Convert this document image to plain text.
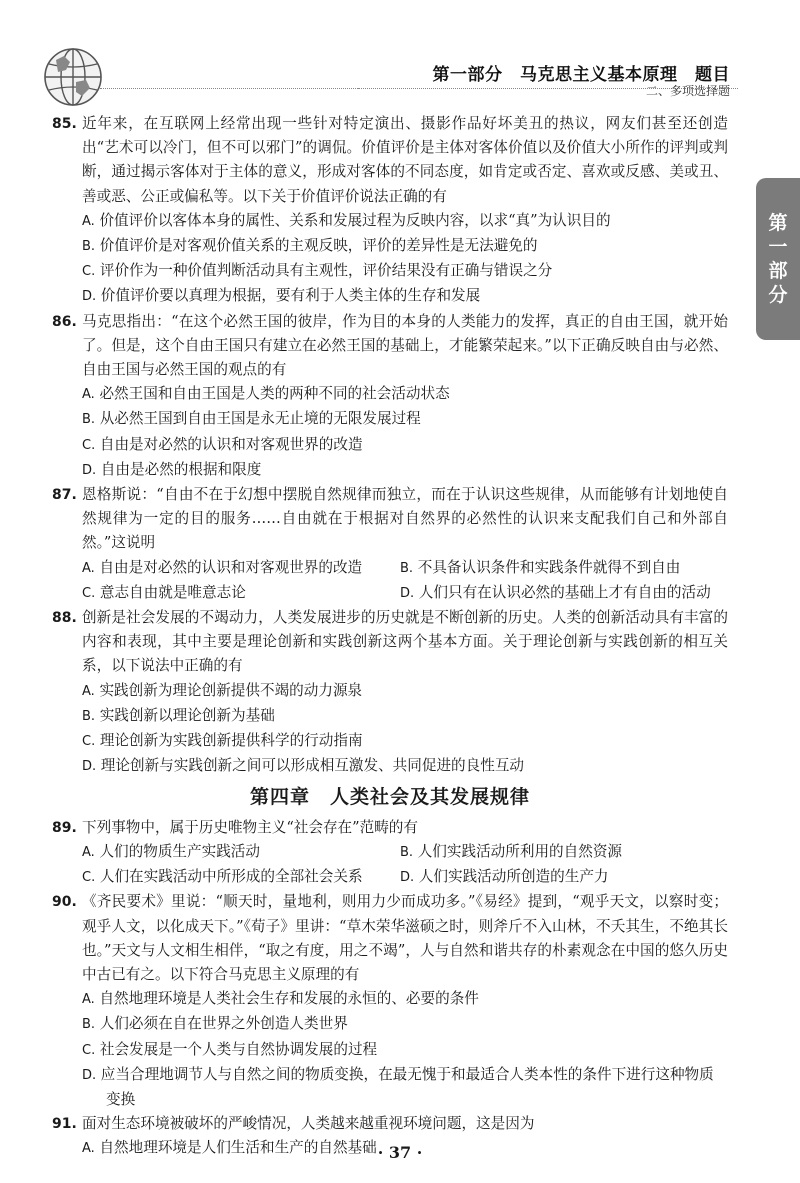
第一部分　马克思主义基本原理　题目
二、多项选择题
第
一
部
分
85. 近年来，在互联网上经常出现一些针对特定演出、摄影作品好坏美丑的热议，网友们甚至还创造出“艺术可以冷门，但不可以邪门”的调侃。价值评价是主体对客体价值以及价值大小所作的评判或判断，通过揭示客体对于主体的意义，形成对客体的不同态度，如肯定或否定、喜欢或反感、美或丑、善或恶、公正或偏私等。以下关于价值评价说法正确的有
A. 价值评价以客体本身的属性、关系和发展过程为反映内容，以求“真”为认识目的
B. 价值评价是对客观价值关系的主观反映，评价的差异性是无法避免的
C. 评价作为一种价值判断活动具有主观性，评价结果没有正确与错误之分
D. 价值评价要以真理为根据，要有利于人类主体的生存和发展
86. 马克思指出：“在这个必然王国的彼岸，作为目的本身的人类能力的发挥，真正的自由王国，就开始了。但是，这个自由王国只有建立在必然王国的基础上，才能繁荣起来。”以下正确反映自由与必然、自由王国与必然王国的观点的有
A. 必然王国和自由王国是人类的两种不同的社会活动状态
B. 从必然王国到自由王国是永无止境的无限发展过程
C. 自由是对必然的认识和对客观世界的改造
D. 自由是必然的根据和限度
87. 恩格斯说：“自由不在于幻想中摆脱自然规律而独立，而在于认识这些规律，从而能够有计划地使自然规律为一定的目的服务……自由就在于根据对自然界的必然性的认识来支配我们自己和外部自然。”这说明
A. 自由是对必然的认识和对客观世界的改造	B. 不具备认识条件和实践条件就得不到自由
C. 意志自由就是唯意志论	D. 人们只有在认识必然的基础上才有自由的活动
88. 创新是社会发展的不竭动力，人类发展进步的历史就是不断创新的历史。人类的创新活动具有丰富的内容和表现，其中主要是理论创新和实践创新这两个基本方面。关于理论创新与实践创新的相互关系，以下说法中正确的有
A. 实践创新为理论创新提供不竭的动力源泉
B. 实践创新以理论创新为基础
C. 理论创新为实践创新提供科学的行动指南
D. 理论创新与实践创新之间可以形成相互激发、共同促进的良性互动
第四章　人类社会及其发展规律
89. 下列事物中，属于历史唯物主义“社会存在”范畴的有
A. 人们的物质生产实践活动	B. 人们实践活动所利用的自然资源
C. 人们在实践活动中所形成的全部社会关系	D. 人们实践活动所创造的生产力
90. 《齐民要术》里说：“顺天时，量地利，则用力少而成功多。”《易经》提到，“观乎天文，以察时变；观乎人文，以化成天下。”《荀子》里讲：“草木荣华滋硕之时，则斧斤不入山林，不夭其生，不绝其长也。”天文与人文相生相伴，“取之有度，用之不竭”，人与自然和谐共存的朴素观念在中国的悠久历史中古已有之。以下符合马克思主义原理的有
A. 自然地理环境是人类社会生存和发展的永恒的、必要的条件
B. 人们必须在自在世界之外创造人类世界
C. 社会发展是一个人类与自然协调发展的过程
D. 应当合理地调节人与自然之间的物质变换，在最无愧于和最适合人类本性的条件下进行这种物质变换
91. 面对生态环境被破坏的严峻情况，人类越来越重视环境问题，这是因为
A. 自然地理环境是人们生活和生产的自然基础 · 37 ·
